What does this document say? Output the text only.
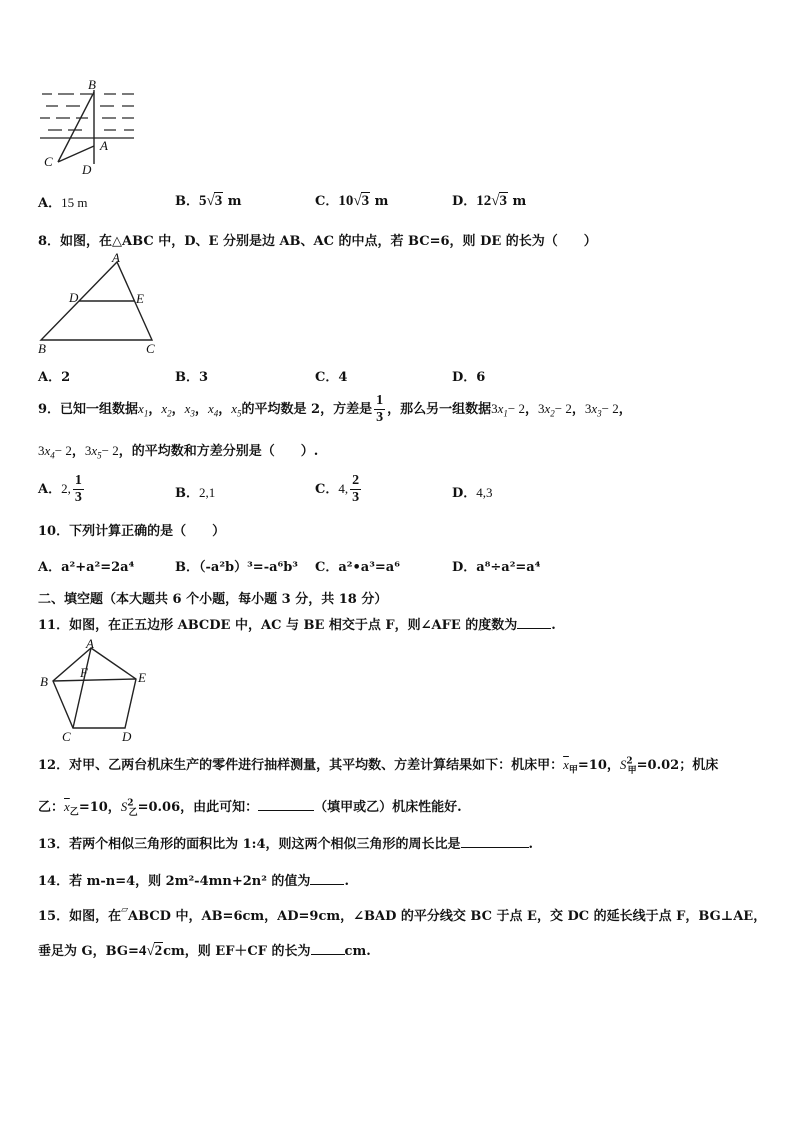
B
C
A
D
A．15 m	B．5√3 m	C．10√3 m	D．12√3 m
8．如图，在△ABC 中，D、E 分别是边 AB、AC 的中点，若 BC=6，则 DE 的长为（　　）
A
D	E
B	C
A．2	B．3	C．4	D．6
9．已知一组数据$x_1$，$x_2$，$x_3$，$x_4$，$x_5$的平均数是 2，方差是 $\frac{1}{3}$ ，那么另一组数据$3x_1- 2$，$3x_2- 2$，$3x_3- 2$，
$3x_4- 2$，$3x_5- 2$，的平均数和方差分别是（　　）.
A．2, $\frac{1}{3}$	B．2,1	C．4, $\frac{2}{3}$	D．4,3
10．下列计算正确的是（　　）
A．a²+a²=2a⁴	B．（-a²b）³=-a⁶b³ C．a²•a³=a⁶	D．a⁸÷a²=a⁴
二、填空题（本大题共 6 个小题，每小题 3 分，共 18 分）
11．如图，在正五边形 ABCDE 中，AC 与 BE 相交于点 F，则∠AFE 的度数为	.
A
B	E
F
C	D
12．对甲、乙两台机床生产的零件进行抽样测量，其平均数、方差计算结果如下：机床甲：$\overline{x}_甲=10$，$S^2_甲=0.02$；机床
乙：$\overline{x}_乙=10$，$S^2_乙=0.06$，由此可知：	（填甲或乙）机床性能好.
13．若两个相似三角形的面积比为 1:4，则这两个相似三角形的周长比是	.
14．若 m-n=4，则 2m²-4mn+2n² 的值为	.
15．如图，在▱ABCD 中，AB=6cm，AD=9cm，∠BAD 的平分线交 BC 于点 E，交 DC 的延长线于点 F，BG⊥AE，
垂足为 G，BG=4√2cm，则 EF＋CF 的长为	cm.
